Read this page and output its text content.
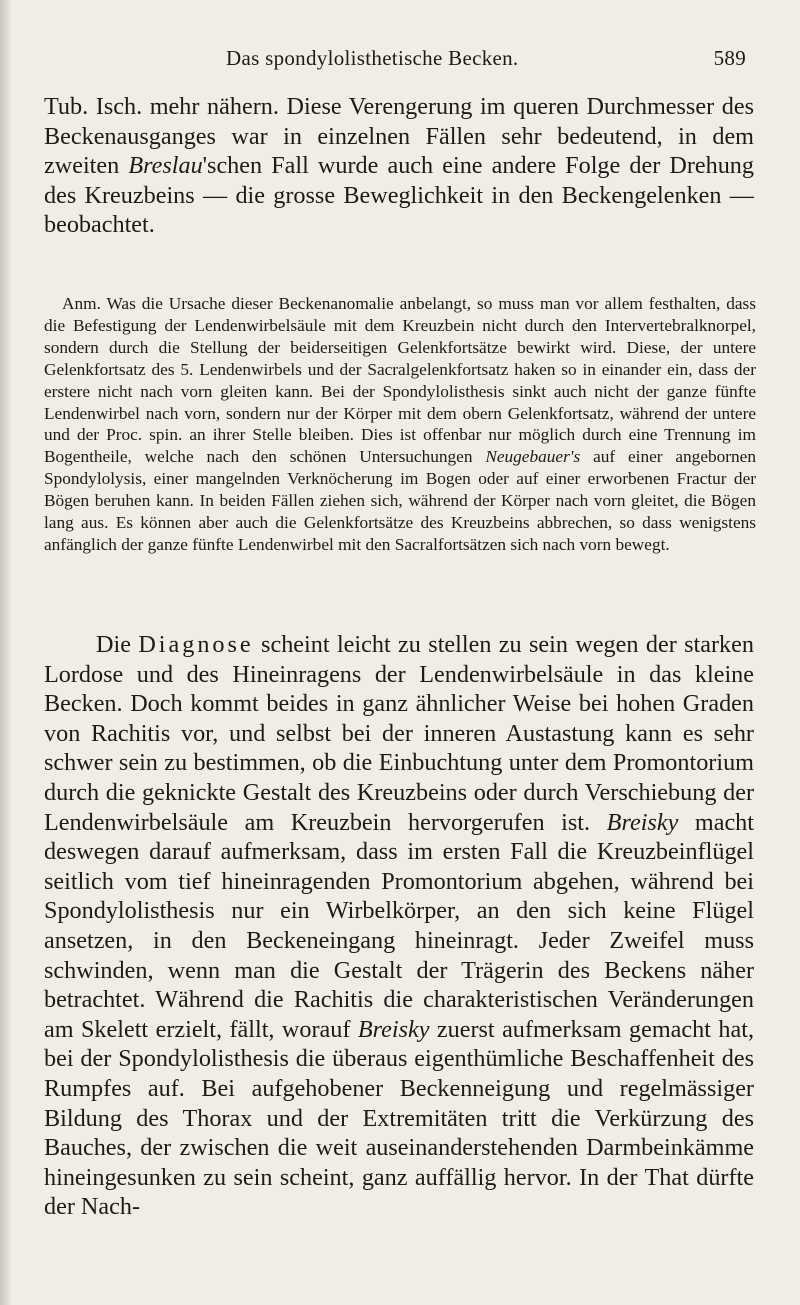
Das spondylolisthetische Becken.	589

Tub. Isch. mehr nähern. Diese Verengerung im queren Durchmesser des Beckenausganges war in einzelnen Fällen sehr bedeutend, in dem zweiten Breslau'schen Fall wurde auch eine andere Folge der Drehung des Kreuzbeins — die grosse Beweglichkeit in den Beckengelenken — beobachtet.

Anm. Was die Ursache dieser Beckenanomalie anbelangt, so muss man vor allem festhalten, dass die Befestigung der Lendenwirbelsäule mit dem Kreuzbein nicht durch den Intervertebralknorpel, sondern durch die Stellung der beiderseitigen Gelenkfortsätze bewirkt wird. Diese, der untere Gelenkfortsatz des 5. Lendenwirbels und der Sacralgelenkfortsatz haken so in einander ein, dass der erstere nicht nach vorn gleiten kann. Bei der Spondylolisthesis sinkt auch nicht der ganze fünfte Lendenwirbel nach vorn, sondern nur der Körper mit dem obern Gelenkfortsatz, während der untere und der Proc. spin. an ihrer Stelle bleiben. Dies ist offenbar nur möglich durch eine Trennung im Bogentheile, welche nach den schönen Untersuchungen Neugebauer's auf einer angebornen Spondylolysis, einer mangelnden Verknöcherung im Bogen oder auf einer erworbenen Fractur der Bögen beruhen kann. In beiden Fällen ziehen sich, während der Körper nach vorn gleitet, die Bögen lang aus. Es können aber auch die Gelenkfortsätze des Kreuzbeins abbrechen, so dass wenigstens anfänglich der ganze fünfte Lendenwirbel mit den Sacralfortsätzen sich nach vorn bewegt.

Die Diagnose scheint leicht zu stellen zu sein wegen der starken Lordose und des Hineinragens der Lendenwirbelsäule in das kleine Becken. Doch kommt beides in ganz ähnlicher Weise bei hohen Graden von Rachitis vor, und selbst bei der inneren Austastung kann es sehr schwer sein zu bestimmen, ob die Einbuchtung unter dem Promontorium durch die geknickte Gestalt des Kreuzbeins oder durch Verschiebung der Lendenwirbelsäule am Kreuzbein hervorgerufen ist. Breisky macht deswegen darauf aufmerksam, dass im ersten Fall die Kreuzbeinflügel seitlich vom tief hineinragenden Promontorium abgehen, während bei Spondylolisthesis nur ein Wirbelkörper, an den sich keine Flügel ansetzen, in den Beckeneingang hineinragt. Jeder Zweifel muss schwinden, wenn man die Gestalt der Trägerin des Beckens näher betrachtet. Während die Rachitis die charakteristischen Veränderungen am Skelett erzielt, fällt, worauf Breisky zuerst aufmerksam gemacht hat, bei der Spondylolisthesis die überaus eigenthümliche Beschaffenheit des Rumpfes auf. Bei aufgehobener Beckenneigung und regelmässiger Bildung des Thorax und der Extremitäten tritt die Verkürzung des Bauches, der zwischen die weit auseinanderstehenden Darmbeinkämme hineingesunken zu sein scheint, ganz auffällig hervor. In der That dürfte der Nach-
